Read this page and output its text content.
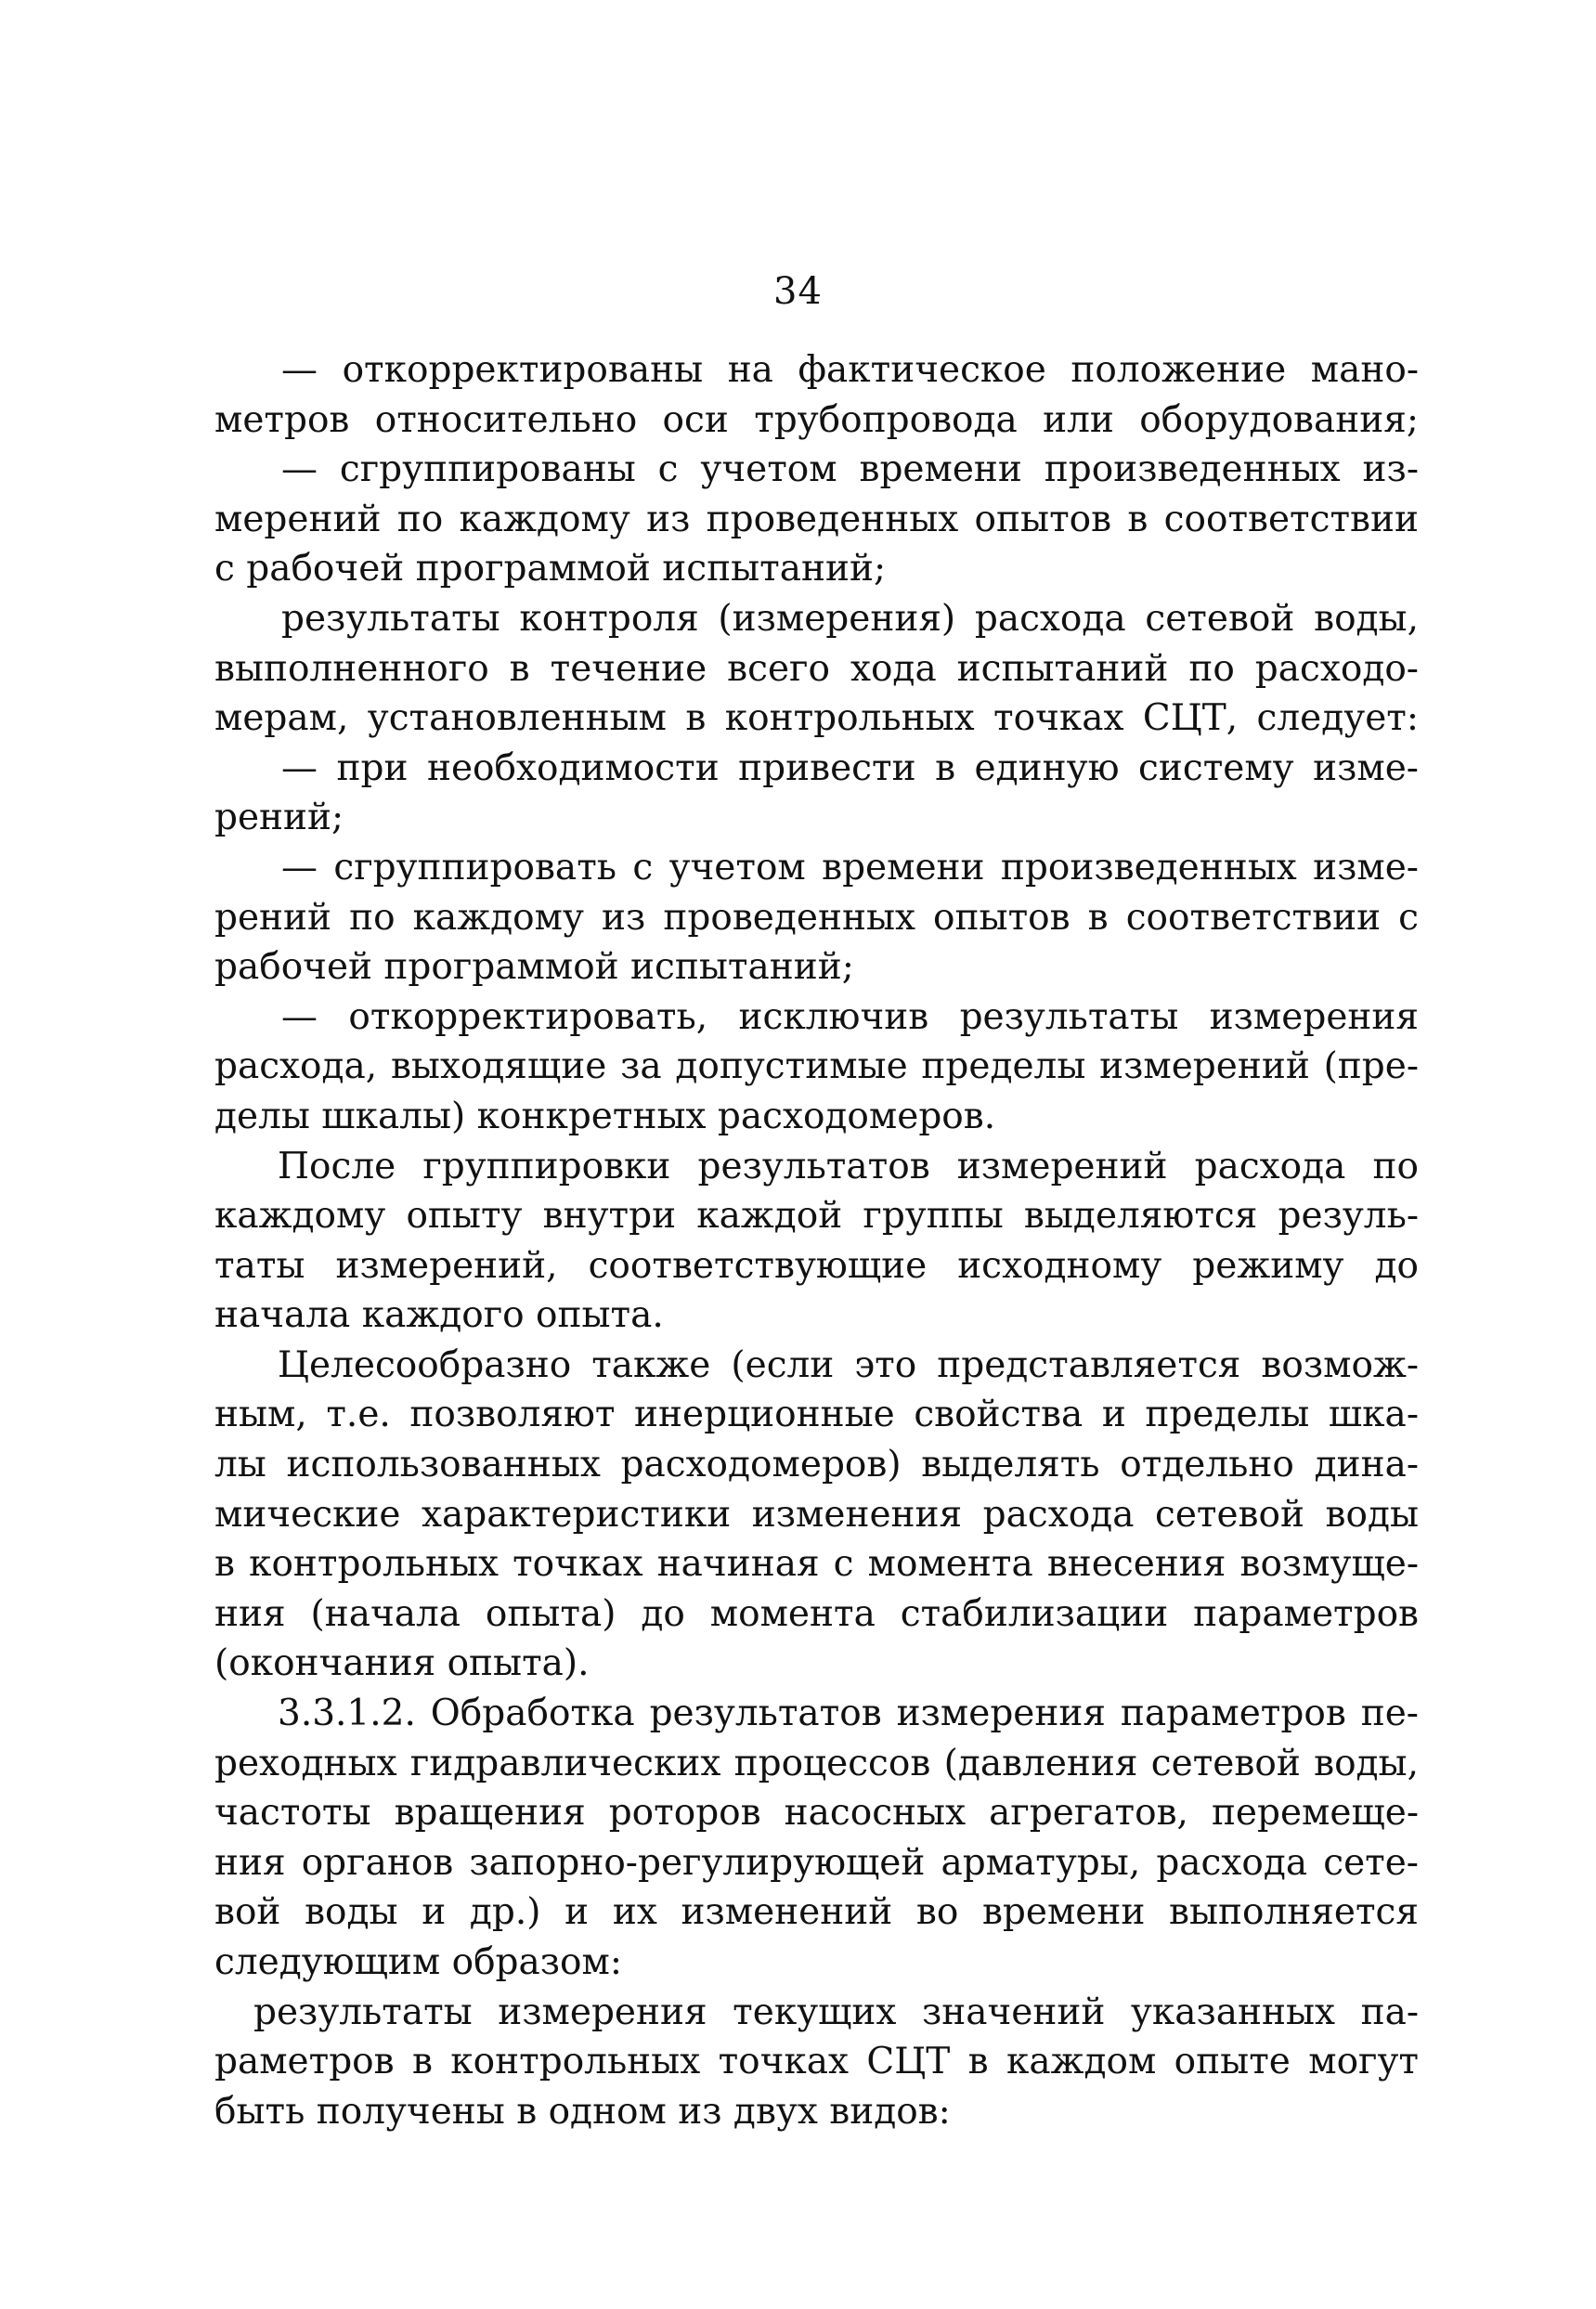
34
— откорректированы на фактическое положение мано-
метров относительно оси трубопровода или оборудования;
— сгруппированы с учетом времени произведенных из-
мерений по каждому из проведенных опытов в соответствии
с рабочей программой испытаний;
результаты контроля (измерения) расхода сетевой воды,
выполненного в течение всего хода испытаний по расходо-
мерам, установленным в контрольных точках СЦТ, следует:
— при необходимости привести в единую систему изме-
рений;
— сгруппировать с учетом времени произведенных изме-
рений по каждому из проведенных опытов в соответствии с
рабочей программой испытаний;
— откорректировать, исключив результаты измерения
расхода, выходящие за допустимые пределы измерений (пре-
делы шкалы) конкретных расходомеров.
После группировки результатов измерений расхода по
каждому опыту внутри каждой группы выделяются резуль-
таты измерений, соответствующие исходному режиму до
начала каждого опыта.
Целесообразно также (если это представляется возмож-
ным, т.е. позволяют инерционные свойства и пределы шка-
лы использованных расходомеров) выделять отдельно дина-
мические характеристики изменения расхода сетевой воды
в контрольных точках начиная с момента внесения возмуще-
ния (начала опыта) до момента стабилизации параметров
(окончания опыта).
3.3.1.2. Обработка результатов измерения параметров пе-
реходных гидравлических процессов (давления сетевой воды,
частоты вращения роторов насосных агрегатов, перемеще-
ния органов запорно-регулирующей арматуры, расхода сете-
вой воды и др.) и их изменений во времени выполняется
следующим образом:
результаты измерения текущих значений указанных па-
раметров в контрольных точках СЦТ в каждом опыте могут
быть получены в одном из двух видов:
